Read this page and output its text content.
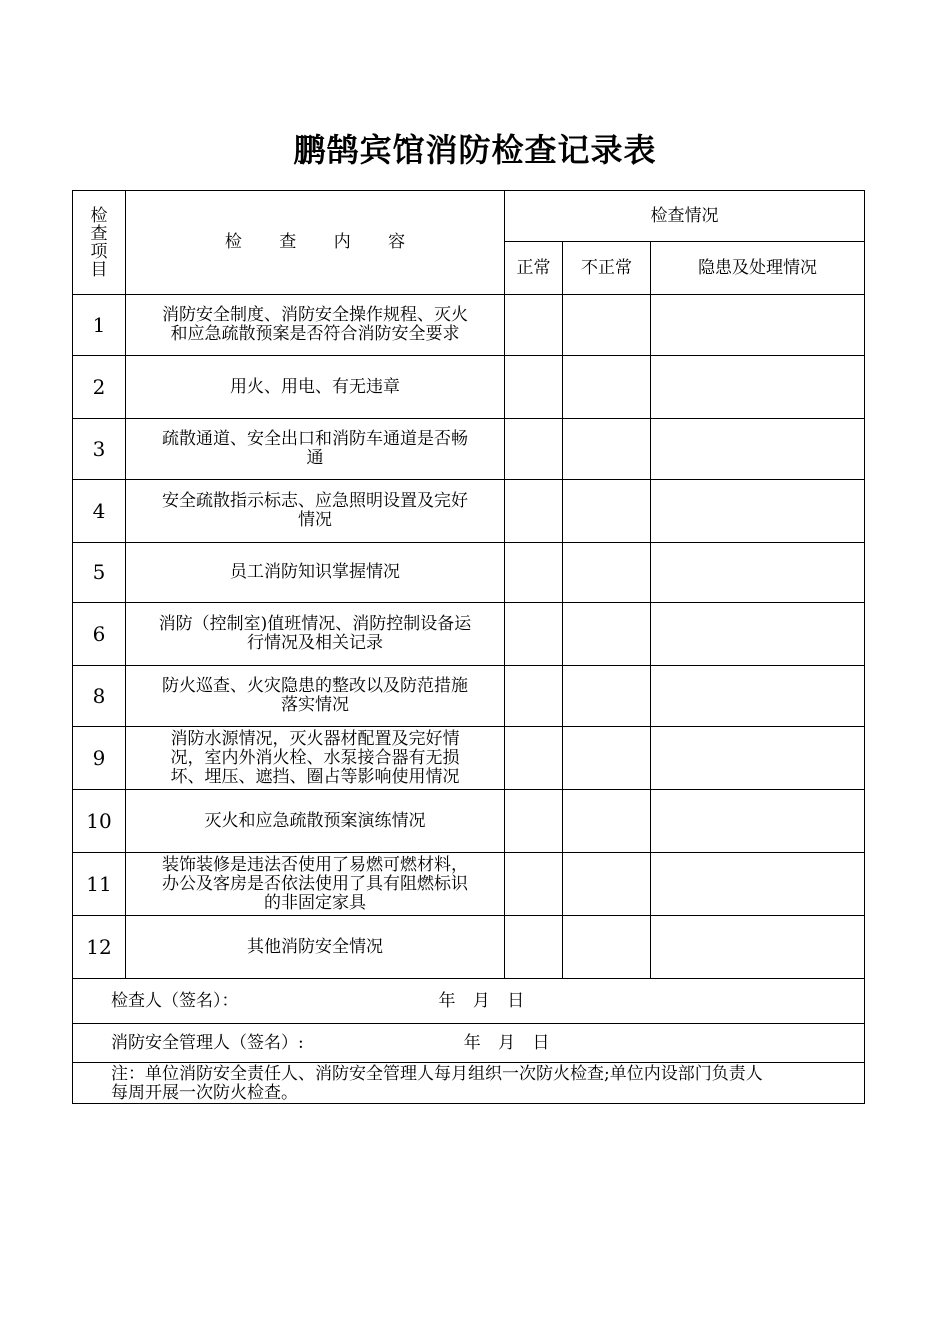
鹏鹄宾馆消防检查记录表
检
查
项
目	检 查 内 容	检查情况		
		正常	不正常	隐患及处理情况
1	消防安全制度、消防安全操作规程、灭火
和应急疏散预案是否符合消防安全要求			

2	用火、用电、有无违章			

3	疏散通道、安全出口和消防车通道是否畅
通			

4	安全疏散指示标志、应急照明设置及完好
情况			

5	员工消防知识掌握情况			

6	消防（控制室)值班情况、消防控制设备运
行情况及相关记录			

8	防火巡查、火灾隐患的整改以及防范措施
落实情况			

9	消防水源情况，灭火器材配置及完好情
况，室内外消火栓、水泵接合器有无损
坏、埋压、遮挡、圈占等影响使用情况			

10	灭火和应急疏散预案演练情况			

11	装饰装修是违法否使用了易燃可燃材料，
办公及客房是否依法使用了具有阻燃标识
的非固定家具			

12	其他消防安全情况			

检查人（签名）： 年 月 日				
消防安全管理人（签名）: 年 月 日				

注：单位消防安全责任人、消防安全管理人每月组织一次防火检查;单位内设部门负责人
每周开展一次防火检查。				
